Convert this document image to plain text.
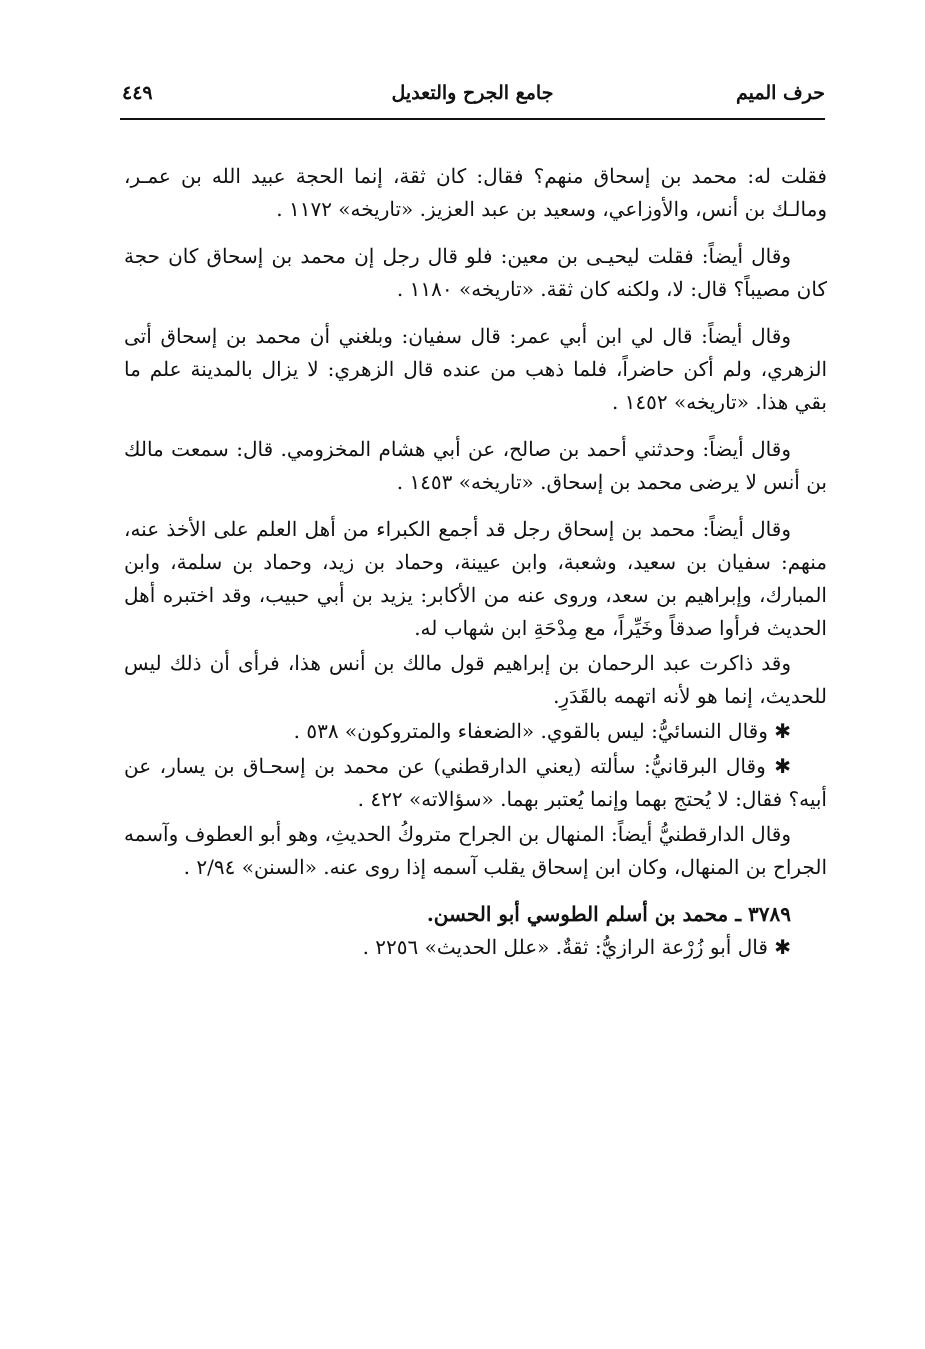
حرف الميم
جامع الجرح والتعديل
٤٤٩

فقلت له: محمد بن إسحاق منهم؟ فقال: كان ثقة، إنما الحجة عبيد الله بن عمـر، ومالـك بن أنس، والأوزاعي، وسعيد بن عبد العزيز. «تاريخه» ١١٧٢ .

وقال أيضاً: فقلت ليحيـى بن معين: فلو قال رجل إن محمد بن إسحاق كان حجة كان مصيباً؟ قال: لا، ولكنه كان ثقة. «تاريخه» ١١٨٠ .

وقال أيضاً: قال لي ابن أبي عمر: قال سفيان: وبلغني أن محمد بن إسحاق أتى الزهري، ولم أكن حاضراً، فلما ذهب من عنده قال الزهري: لا يزال بالمدينة علم ما بقي هذا. «تاريخه» ١٤٥٢ .

وقال أيضاً: وحدثني أحمد بن صالح، عن أبي هشام المخزومي. قال: سمعت مالك بن أنس لا يرضى محمد بن إسحاق. «تاريخه» ١٤٥٣ .

وقال أيضاً: محمد بن إسحاق رجل قد أجمع الكبراء من أهل العلم على الأخذ عنه، منهم: سفيان بن سعيد، وشعبة، وابن عيينة، وحماد بن زيد، وحماد بن سلمة، وابن المبارك، وإبراهيم بن سعد، وروى عنه من الأكابر: يزيد بن أبي حبيب، وقد اختبره أهل الحديث فرأوا صدقاً وخَيِّراً، مع مِدْحَةِ ابن شهاب له.

وقد ذاكرت عبد الرحمان بن إبراهيم قول مالك بن أنس هذا، فرأى أن ذلك ليس للحديث، إنما هو لأنه اتهمه بالقَدَرِ.

✱ وقال النسائيُّ: ليس بالقوي. «الضعفاء والمتروكون» ٥٣٨ .

✱ وقال البرقانيُّ: سألته (يعني الدارقطني) عن محمد بن إسحـاق بن يسار، عن أبيه؟ فقال: لا يُحتج بهما وإنما يُعتبر بهما. «سؤالاته» ٤٢٢ .

وقال الدارقطنيُّ أيضاً: المنهال بن الجراح متروكُ الحديثِ، وهو أبو العطوف وآسمه الجراح بن المنهال، وكان ابن إسحاق يقلب آسمه إذا روى عنه. «السنن» ٢/٩٤ .

٣٧٨٩ ـ محمد بن أسلم الطوسي أبو الحسن.

✱ قال أبو زُرْعة الرازيُّ: ثقةٌ. «علل الحديث» ٢٢٥٦ .
